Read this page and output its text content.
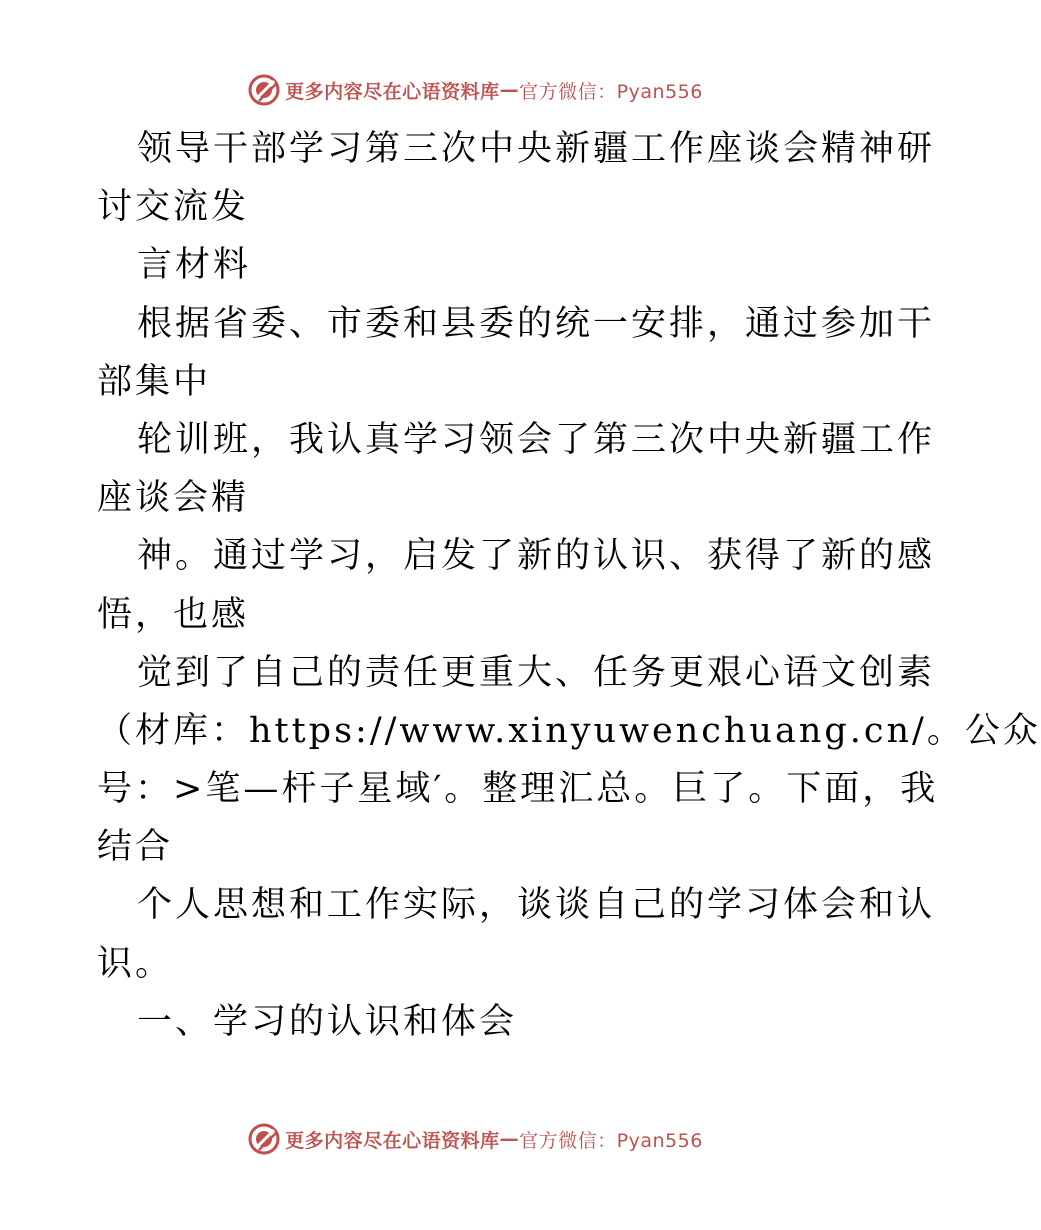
更多内容尽在心语资料库 — 官方微信：Pyan556
领导干部学习第三次中央新疆工作座谈会精神研
讨交流发
言材料
根据省委、市委和县委的统一安排，通过参加干
部集中
轮训班，我认真学习领会了第三次中央新疆工作
座谈会精
神。通过学习，启发了新的认识、获得了新的感
悟，也感
觉到了自己的责任更重大、任务更艰心语文创素
（材库：https://www.xinyuwenchuang.cn/。公众
号：>笔—杆子星域′。整理汇总。巨了。下面，我
结合
个人思想和工作实际，谈谈自己的学习体会和认
识。
一、学习的认识和体会
更多内容尽在心语资料库 — 官方微信：Pyan556
